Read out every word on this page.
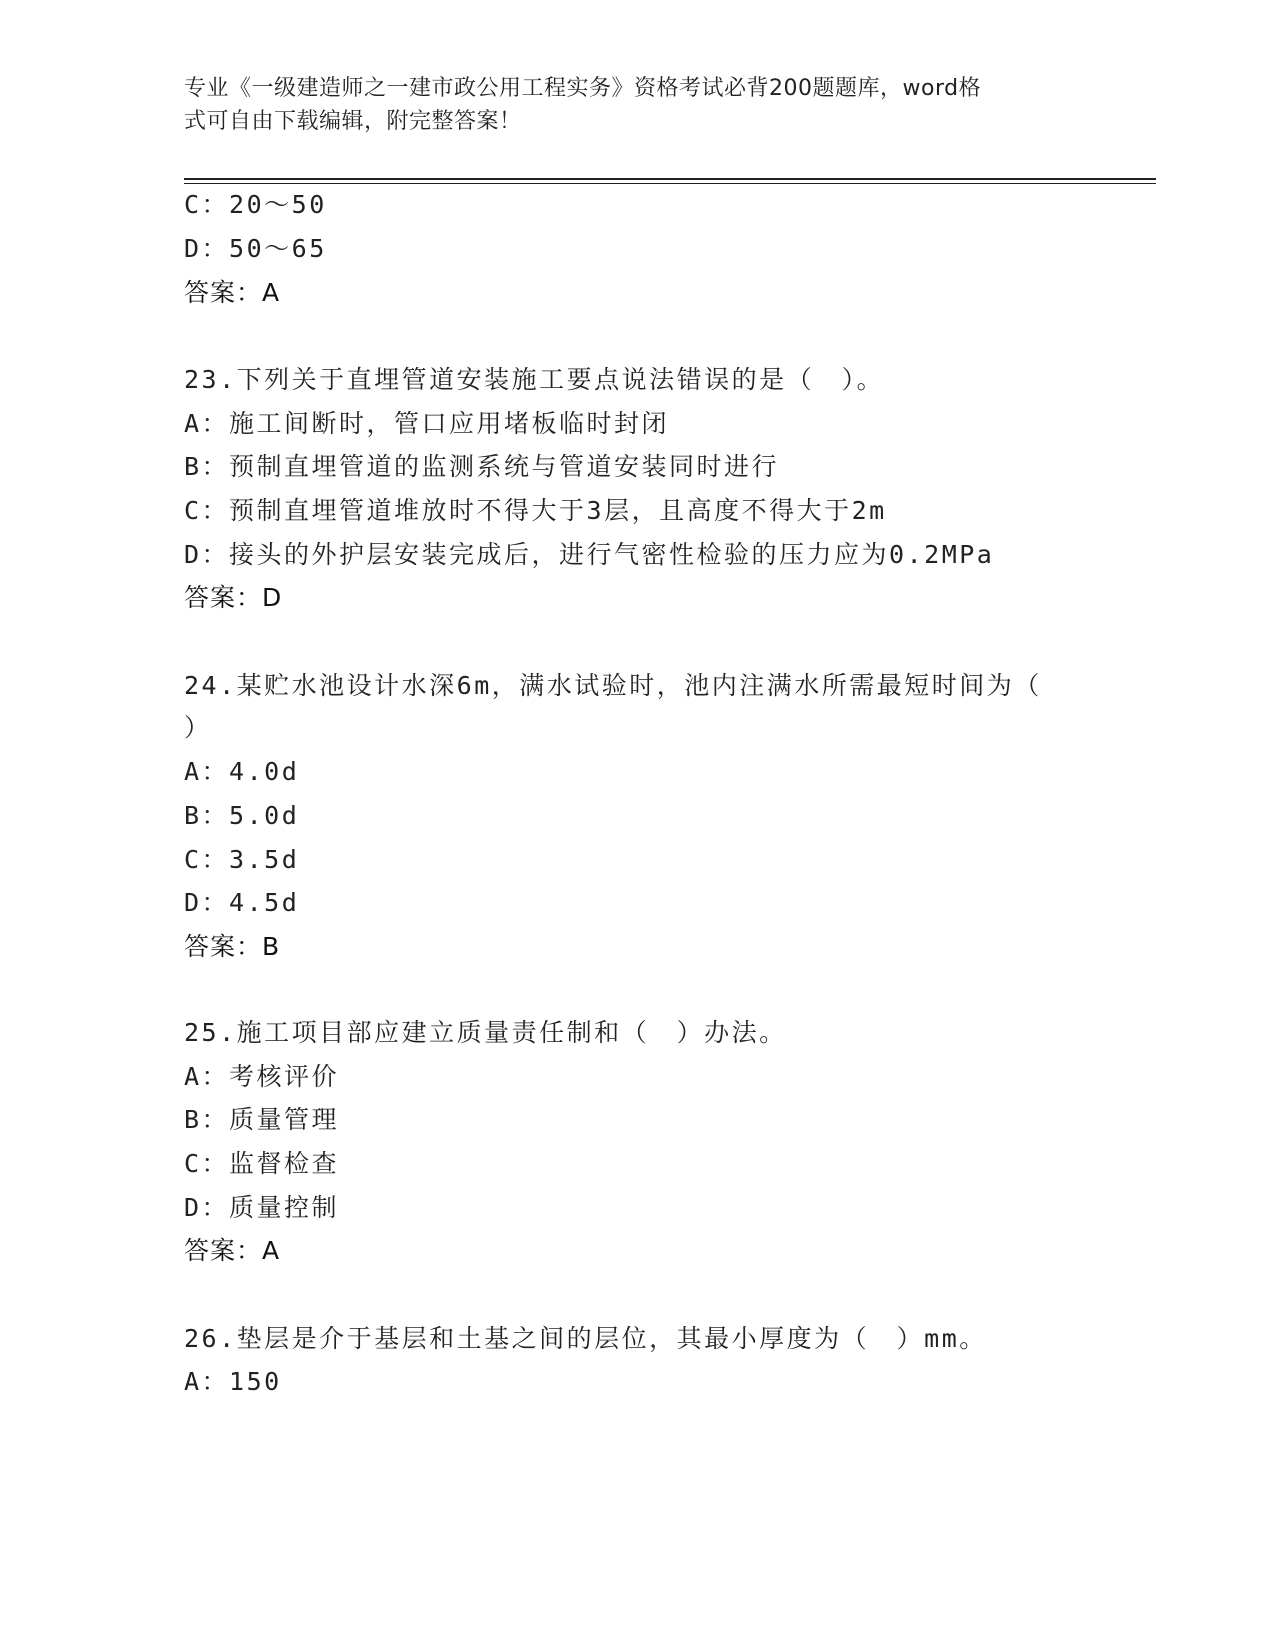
专业《一级建造师之一建市政公用工程实务》资格考试必背200题题库，word格
式可自由下载编辑，附完整答案！
C：20～50
D：50～65
答案：A
23.下列关于直埋管道安装施工要点说法错误的是（　）。
A：施工间断时，管口应用堵板临时封闭
B：预制直埋管道的监测系统与管道安装同时进行
C：预制直埋管道堆放时不得大于3层，且高度不得大于2m
D：接头的外护层安装完成后，进行气密性检验的压力应为0.2MPa
答案：D
24.某贮水池设计水深6m，满水试验时，池内注满水所需最短时间为（
）
A：4.0d
B：5.0d
C：3.5d
D：4.5d
答案：B
25.施工项目部应建立质量责任制和（　）办法。
A：考核评价
B：质量管理
C：监督检查
D：质量控制
答案：A
26.垫层是介于基层和土基之间的层位，其最小厚度为（　）mm。
A：150
